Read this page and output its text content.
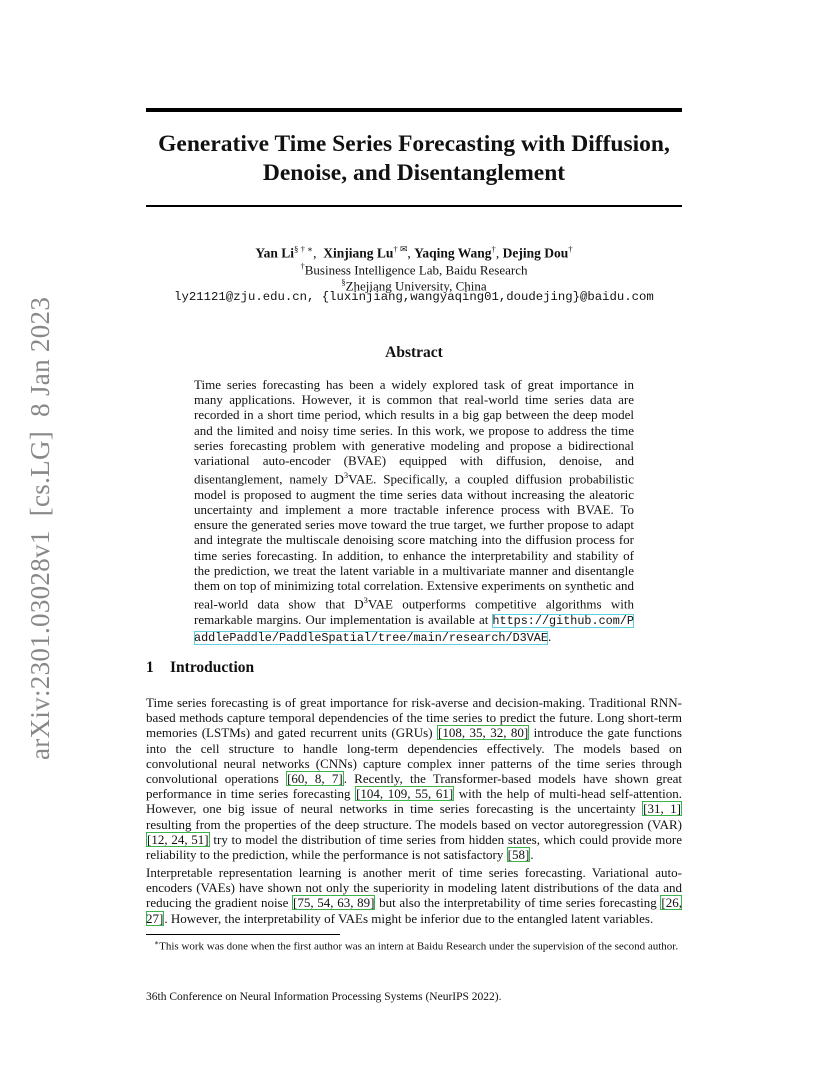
arXiv:2301.03028v1  [cs.LG]  8 Jan 2023
Generative Time Series Forecasting with Diffusion,
Denoise, and Disentanglement
Yan Li§ † ∗,  Xinjiang Lu† ✉, Yaqing Wang†, Dejing Dou†
†Business Intelligence Lab, Baidu Research
§Zhejiang University, China
ly21121@zju.edu.cn, {luxinjiang,wangyaqing01,doudejing}@baidu.com
Abstract
Time series forecasting has been a widely explored task of great importance in many applications. However, it is common that real-world time series data are recorded in a short time period, which results in a big gap between the deep model and the limited and noisy time series. In this work, we propose to address the time series forecasting problem with generative modeling and propose a bidirectional variational auto-encoder (BVAE) equipped with diffusion, denoise, and disentanglement, namely $D^3VAE$. Specifically, a coupled diffusion probabilistic model is proposed to augment the time series data without increasing the aleatoric uncertainty and implement a more tractable inference process with BVAE. To ensure the generated series move toward the true target, we further propose to adapt and integrate the multiscale denoising score matching into the diffusion process for time series forecasting. In addition, to enhance the interpretability and stability of the prediction, we treat the latent variable in a multivariate manner and disentangle them on top of minimizing total correlation. Extensive experiments on synthetic and real-world data show that $D^3VAE$ outperforms competitive algorithms with remarkable margins. Our implementation is available at https://github.com/PaddlePaddle/PaddleSpatial/tree/main/research/D3VAE.
1 Introduction
Time series forecasting is of great importance for risk-averse and decision-making. Traditional RNN-based methods capture temporal dependencies of the time series to predict the future. Long short-term memories (LSTMs) and gated recurrent units (GRUs) [108, 35, 32, 80] introduce the gate functions into the cell structure to handle long-term dependencies effectively. The models based on convolutional neural networks (CNNs) capture complex inner patterns of the time series through convolutional operations [60, 8, 7]. Recently, the Transformer-based models have shown great performance in time series forecasting [104, 109, 55, 61] with the help of multi-head self-attention. However, one big issue of neural networks in time series forecasting is the uncertainty [31, 1] resulting from the properties of the deep structure. The models based on vector autoregression (VAR) [12, 24, 51] try to model the distribution of time series from hidden states, which could provide more reliability to the prediction, while the performance is not satisfactory [58].
Interpretable representation learning is another merit of time series forecasting. Variational auto-encoders (VAEs) have shown not only the superiority in modeling latent distributions of the data and reducing the gradient noise [75, 54, 63, 89] but also the interpretability of time series forecasting [26, 27]. However, the interpretability of VAEs might be inferior due to the entangled latent variables.
∗This work was done when the first author was an intern at Baidu Research under the supervision of the second author.
36th Conference on Neural Information Processing Systems (NeurIPS 2022).
